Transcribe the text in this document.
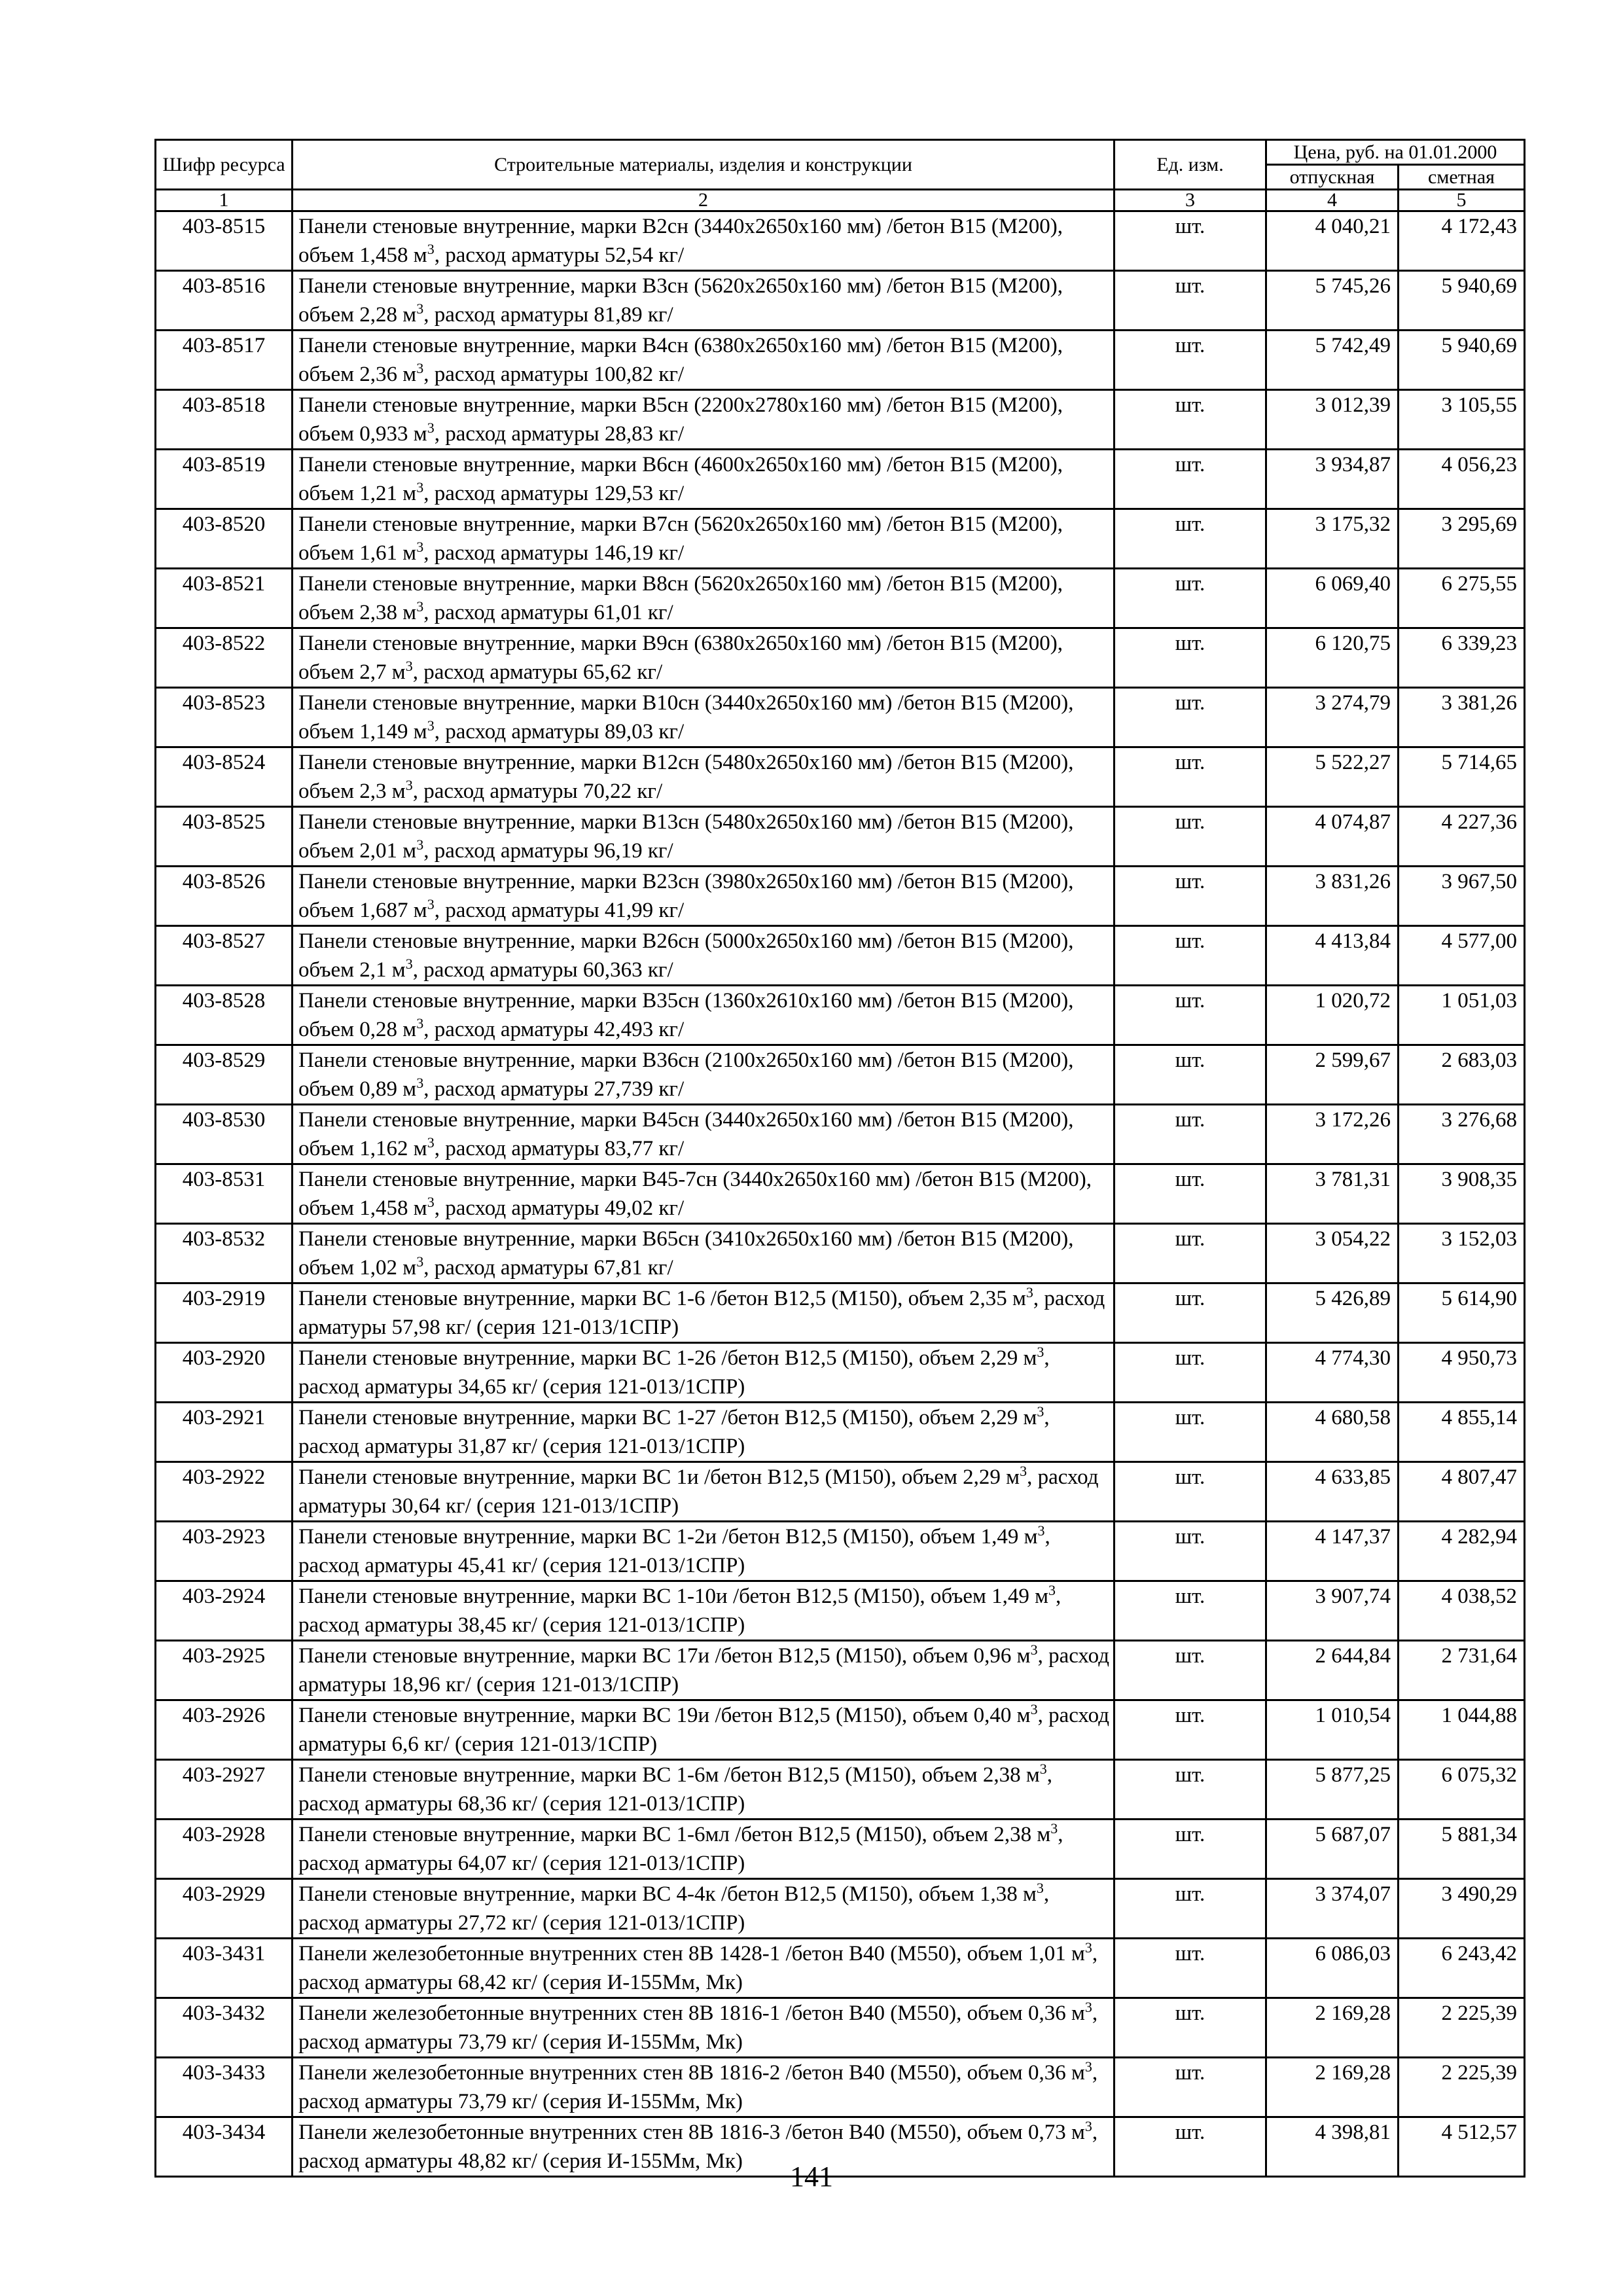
Шифр ресурса	Строительные материалы, изделия и конструкции	Ед. изм.	Цена, руб. на 01.01.2000	
			отпускная	сметная
1	2	3	4	5
403-8515	Панели стеновые внутренние, марки В2сн (3440х2650х160 мм) /бетон В15 (М200), объем 1,458 $м^3$, расход арматуры 52,54 кг/	шт.	4 040,21	4 172,43
403-8516	Панели стеновые внутренние, марки В3сн (5620х2650х160 мм) /бетон В15 (М200), объем 2,28 $м^3$, расход арматуры 81,89 кг/	шт.	5 745,26	5 940,69
403-8517	Панели стеновые внутренние, марки В4сн (6380х2650х160 мм) /бетон В15 (М200), объем 2,36 $м^3$, расход арматуры 100,82 кг/	шт.	5 742,49	5 940,69
403-8518	Панели стеновые внутренние, марки В5сн (2200х2780х160 мм) /бетон В15 (М200), объем 0,933 $м^3$, расход арматуры 28,83 кг/	шт.	3 012,39	3 105,55
403-8519	Панели стеновые внутренние, марки В6сн (4600х2650х160 мм) /бетон В15 (М200), объем 1,21 $м^3$, расход арматуры 129,53 кг/	шт.	3 934,87	4 056,23
403-8520	Панели стеновые внутренние, марки В7сн (5620х2650х160 мм) /бетон В15 (М200), объем 1,61 $м^3$, расход арматуры 146,19 кг/	шт.	3 175,32	3 295,69
403-8521	Панели стеновые внутренние, марки В8сн (5620х2650х160 мм) /бетон В15 (М200), объем 2,38 $м^3$, расход арматуры 61,01 кг/	шт.	6 069,40	6 275,55
403-8522	Панели стеновые внутренние, марки В9сн (6380х2650х160 мм) /бетон В15 (М200), объем 2,7 $м^3$, расход арматуры 65,62 кг/	шт.	6 120,75	6 339,23
403-8523	Панели стеновые внутренние, марки В10сн (3440х2650х160 мм) /бетон В15 (М200), объем 1,149 $м^3$, расход арматуры 89,03 кг/	шт.	3 274,79	3 381,26
403-8524	Панели стеновые внутренние, марки В12сн (5480х2650х160 мм) /бетон В15 (М200), объем 2,3 $м^3$, расход арматуры 70,22 кг/	шт.	5 522,27	5 714,65
403-8525	Панели стеновые внутренние, марки В13сн (5480х2650х160 мм) /бетон В15 (М200), объем 2,01 $м^3$, расход арматуры 96,19 кг/	шт.	4 074,87	4 227,36
403-8526	Панели стеновые внутренние, марки В23сн (3980х2650х160 мм) /бетон В15 (М200), объем 1,687 $м^3$, расход арматуры 41,99 кг/	шт.	3 831,26	3 967,50
403-8527	Панели стеновые внутренние, марки В26сн (5000х2650х160 мм) /бетон В15 (М200), объем 2,1 $м^3$, расход арматуры 60,363 кг/	шт.	4 413,84	4 577,00
403-8528	Панели стеновые внутренние, марки В35сн (1360х2610х160 мм) /бетон В15 (М200), объем 0,28 $м^3$, расход арматуры 42,493 кг/	шт.	1 020,72	1 051,03
403-8529	Панели стеновые внутренние, марки В36сн (2100х2650х160 мм) /бетон В15 (М200), объем 0,89 $м^3$, расход арматуры 27,739 кг/	шт.	2 599,67	2 683,03
403-8530	Панели стеновые внутренние, марки В45сн (3440х2650х160 мм) /бетон В15 (М200), объем 1,162 $м^3$, расход арматуры 83,77 кг/	шт.	3 172,26	3 276,68
403-8531	Панели стеновые внутренние, марки В45-7сн (3440х2650х160 мм) /бетон В15 (М200), объем 1,458 $м^3$, расход арматуры 49,02 кг/	шт.	3 781,31	3 908,35
403-8532	Панели стеновые внутренние, марки В65сн (3410х2650х160 мм) /бетон В15 (М200), объем 1,02 $м^3$, расход арматуры 67,81 кг/	шт.	3 054,22	3 152,03
403-2919	Панели стеновые внутренние, марки ВС 1-6 /бетон В12,5 (М150), объем 2,35 $м^3$, расход арматуры 57,98 кг/ (серия 121-013/1СПР)	шт.	5 426,89	5 614,90
403-2920	Панели стеновые внутренние, марки ВС 1-26 /бетон В12,5 (М150), объем 2,29 $м^3$, расход арматуры 34,65 кг/ (серия 121-013/1СПР)	шт.	4 774,30	4 950,73
403-2921	Панели стеновые внутренние, марки ВС 1-27 /бетон В12,5 (М150), объем 2,29 $м^3$, расход арматуры 31,87 кг/ (серия 121-013/1СПР)	шт.	4 680,58	4 855,14
403-2922	Панели стеновые внутренние, марки ВС 1и /бетон В12,5 (М150), объем 2,29 $м^3$, расход арматуры 30,64 кг/ (серия 121-013/1СПР)	шт.	4 633,85	4 807,47
403-2923	Панели стеновые внутренние, марки ВС 1-2и /бетон В12,5 (М150), объем 1,49 $м^3$, расход арматуры 45,41 кг/ (серия 121-013/1СПР)	шт.	4 147,37	4 282,94
403-2924	Панели стеновые внутренние, марки ВС 1-10и /бетон В12,5 (М150), объем 1,49 $м^3$, расход арматуры 38,45 кг/ (серия 121-013/1СПР)	шт.	3 907,74	4 038,52
403-2925	Панели стеновые внутренние, марки ВС 17и /бетон В12,5 (М150), объем 0,96 $м^3$, расход арматуры 18,96 кг/ (серия 121-013/1СПР)	шт.	2 644,84	2 731,64
403-2926	Панели стеновые внутренние, марки ВС 19и /бетон В12,5 (М150), объем 0,40 $м^3$, расход арматуры 6,6 кг/ (серия 121-013/1СПР)	шт.	1 010,54	1 044,88
403-2927	Панели стеновые внутренние, марки ВС 1-6м /бетон В12,5 (М150), объем 2,38 $м^3$, расход арматуры 68,36 кг/ (серия 121-013/1СПР)	шт.	5 877,25	6 075,32
403-2928	Панели стеновые внутренние, марки ВС 1-6мл /бетон В12,5 (М150), объем 2,38 $м^3$, расход арматуры 64,07 кг/ (серия 121-013/1СПР)	шт.	5 687,07	5 881,34
403-2929	Панели стеновые внутренние, марки ВС 4-4к /бетон В12,5 (М150), объем 1,38 $м^3$, расход арматуры 27,72 кг/ (серия 121-013/1СПР)	шт.	3 374,07	3 490,29
403-3431	Панели железобетонные внутренних стен 8В 1428-1 /бетон В40 (М550), объем 1,01 $м^3$, расход арматуры 68,42 кг/ (серия И-155Мм, Мк)	шт.	6 086,03	6 243,42
403-3432	Панели железобетонные внутренних стен 8В 1816-1 /бетон В40 (М550), объем 0,36 $м^3$, расход арматуры 73,79 кг/ (серия И-155Мм, Мк)	шт.	2 169,28	2 225,39
403-3433	Панели железобетонные внутренних стен 8В 1816-2 /бетон В40 (М550), объем 0,36 $м^3$, расход арматуры 73,79 кг/ (серия И-155Мм, Мк)	шт.	2 169,28	2 225,39
403-3434	Панели железобетонные внутренних стен 8В 1816-3 /бетон В40 (М550), объем 0,73 $м^3$, расход арматуры 48,82 кг/ (серия И-155Мм, Мк)	шт.	4 398,81	4 512,57
141
